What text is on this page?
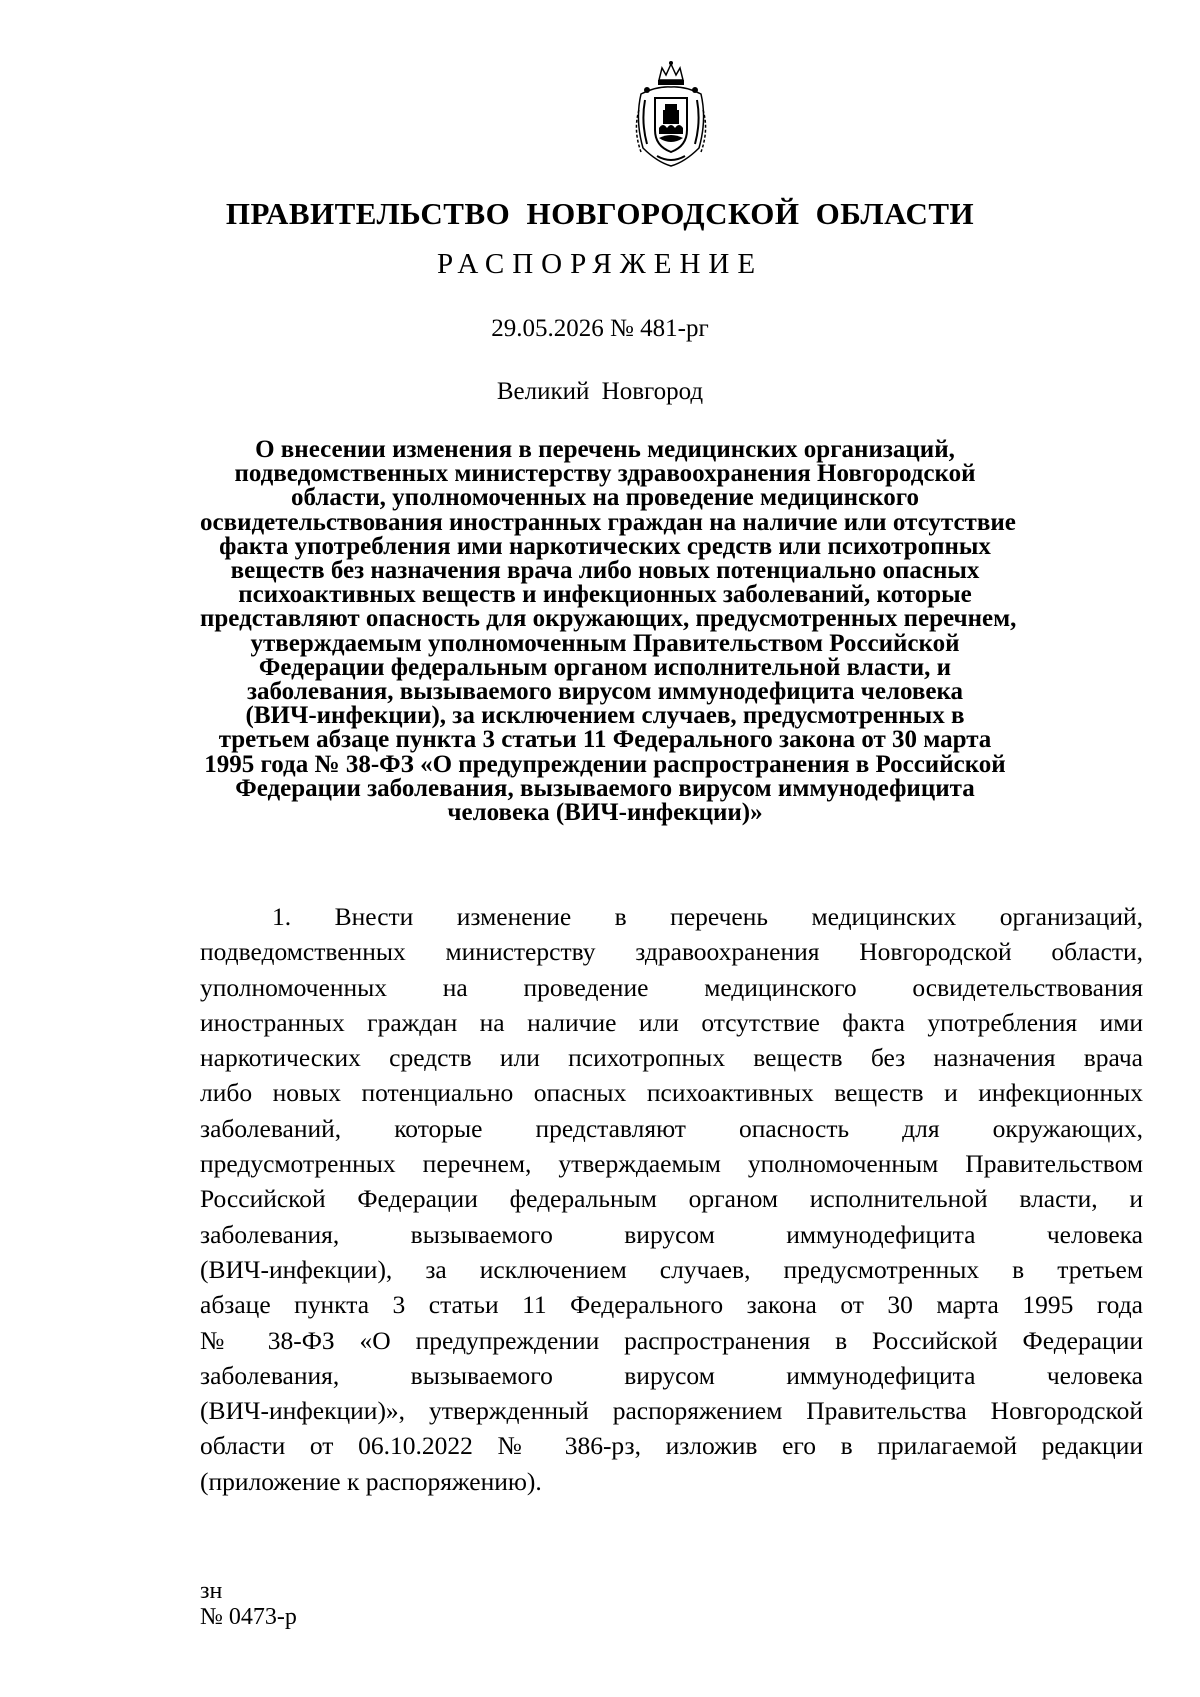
ПРАВИТЕЛЬСТВО НОВГОРОДСКОЙ ОБЛАСТИ
РАСПОРЯЖЕНИЕ
29.05.2026 № 481-рг
Великий Новгород
О внесении изменения в перечень медицинских организаций,
подведомственных министерству здравоохранения Новгородской
области, уполномоченных на проведение медицинского
освидетельствования иностранных граждан на наличие или отсутствие
факта употребления ими наркотических средств или психотропных
веществ без назначения врача либо новых потенциально опасных
психоактивных веществ и инфекционных заболеваний, которые
представляют опасность для окружающих, предусмотренных перечнем,
утверждаемым уполномоченным Правительством Российской
Федерации федеральным органом исполнительной власти, и
заболевания, вызываемого вирусом иммунодефицита человека
(ВИЧ-инфекции), за исключением случаев, предусмотренных в
третьем абзаце пункта 3 статьи 11 Федерального закона от 30 марта
1995 года № 38-ФЗ «О предупреждении распространения в Российской
Федерации заболевания, вызываемого вирусом иммунодефицита
человека (ВИЧ-инфекции)»
1. Внести изменение в перечень медицинских организаций,
подведомственных министерству здравоохранения Новгородской области,
уполномоченных на проведение медицинского освидетельствования
иностранных граждан на наличие или отсутствие факта употребления ими
наркотических средств или психотропных веществ без назначения врача
либо новых потенциально опасных психоактивных веществ и инфекционных
заболеваний, которые представляют опасность для окружающих,
предусмотренных перечнем, утверждаемым уполномоченным Правительством
Российской Федерации федеральным органом исполнительной власти, и
заболевания, вызываемого вирусом иммунодефицита человека
(ВИЧ-инфекции), за исключением случаев, предусмотренных в третьем
абзаце пункта 3 статьи 11 Федерального закона от 30 марта 1995 года
№ 38-ФЗ «О предупреждении распространения в Российской Федерации
заболевания, вызываемого вирусом иммунодефицита человека
(ВИЧ-инфекции)», утвержденный распоряжением Правительства Новгородской
области от 06.10.2022 № 386-рз, изложив его в прилагаемой редакции
(приложение к распоряжению).
зн
№ 0473-р
